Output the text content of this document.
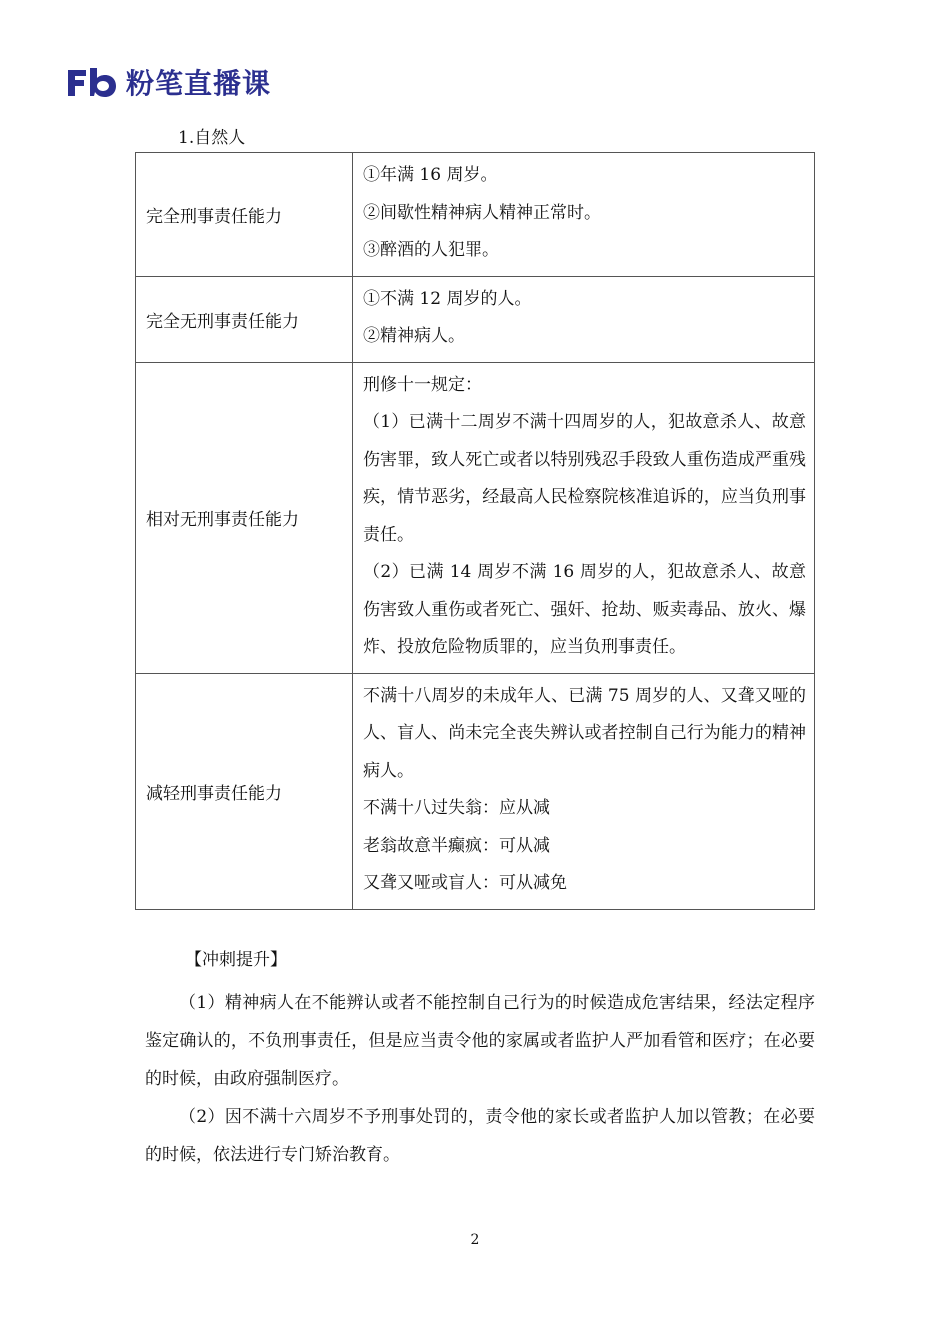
粉笔直播课
1.自然人
完全刑事责任能力	①年满 16 周岁。
②间歇性精神病人精神正常时。
③醉酒的人犯罪。

完全无刑事责任能力	①不满 12 周岁的人。
②精神病人。

相对无刑事责任能力	刑修十一规定：
（1）已满十二周岁不满十四周岁的人，犯故意杀人、故意伤害罪，致人死亡或者以特别残忍手段致人重伤造成严重残疾，情节恶劣，经最高人民检察院核准追诉的，应当负刑事责任。
（2）已满 14 周岁不满 16 周岁的人，犯故意杀人、故意伤害致人重伤或者死亡、强奸、抢劫、贩卖毒品、放火、爆炸、投放危险物质罪的，应当负刑事责任。

减轻刑事责任能力	不满十八周岁的未成年人、已满 75 周岁的人、又聋又哑的人、盲人、尚未完全丧失辨认或者控制自己行为能力的精神病人。
不满十八过失翁：应从减
老翁故意半癫疯：可从减
又聋又哑或盲人：可从减免
【冲刺提升】

（1）精神病人在不能辨认或者不能控制自己行为的时候造成危害结果，经法定程序鉴定确认的，不负刑事责任，但是应当责令他的家属或者监护人严加看管和医疗；在必要的时候，由政府强制医疗。

（2）因不满十六周岁不予刑事处罚的，责令他的家长或者监护人加以管教；在必要的时候，依法进行专门矫治教育。

2
